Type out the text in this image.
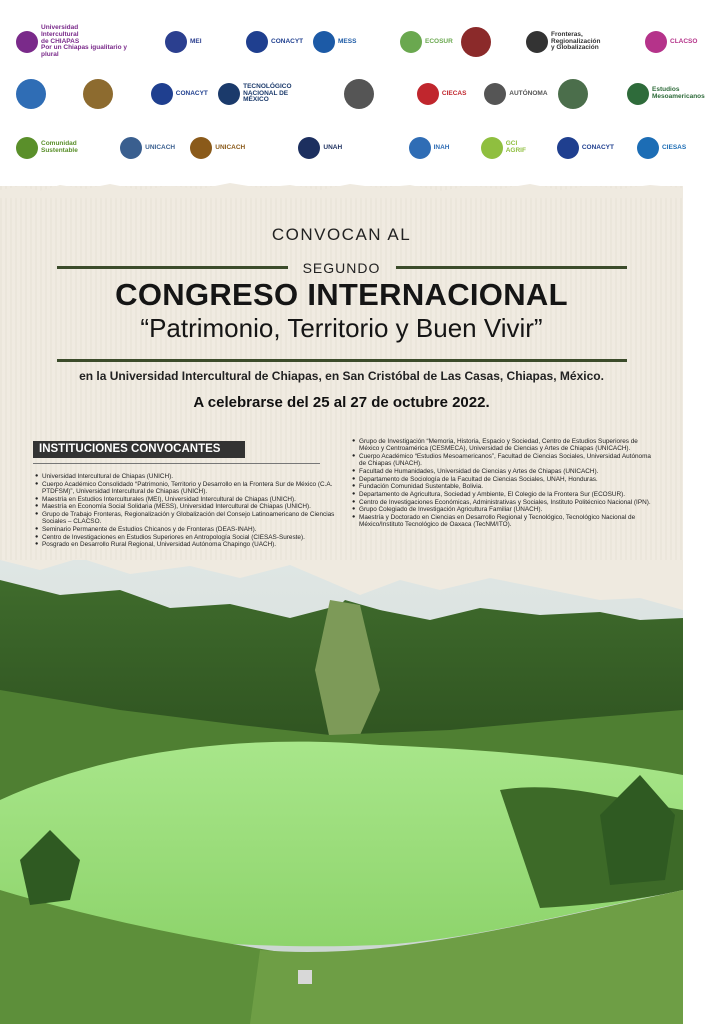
Universidad
Intercultural
de CHIAPAS
Por un Chiapas igualitario y plural
MEI	CONACYT	MESS	ECOSUR
Fronteras, Regionalización
y Globalización
CLACSO
CONACYT
TECNOLÓGICO
NACIONAL DE MÉXICO
CIECAS	AUTÓNOMA	Estudios
Mesoamericanos
Comunidad
Sustentable	UNICACH	UNICACH	UNAH	INAH	GCI
AGRIF	CONACYT	CIESAS
CONVOCAN AL
SEGUNDO
CONGRESO INTERNACIONAL
“Patrimonio, Territorio y Buen Vivir”
en la Universidad Intercultural de Chiapas, en San Cristóbal de Las Casas, Chiapas, México.
A celebrarse del 25 al 27 de octubre 2022.
INSTITUCIONES CONVOCANTES
● Universidad Intercultural de Chiapas (UNICH).
● Cuerpo Académico Consolidado “Patrimonio, Territorio y Desarrollo en la Frontera Sur de México (C.A. PTDFSM)”, Universidad Intercultural de Chiapas (UNICH).
● Maestría en Estudios Interculturales (MEI), Universidad Intercultural de Chiapas (UNICH).
● Maestría en Economía Social Solidaria (MESS), Universidad Intercultural de Chiapas (UNICH).
● Grupo de Trabajo Fronteras, Regionalización y Globalización del Consejo Latinoamericano de Ciencias Sociales – CLACSO.
● Seminario Permanente de Estudios Chicanos y de Fronteras (DEAS-INAH).
● Centro de Investigaciones en Estudios Superiores en Antropología Social (CIESAS-Sureste).
● Posgrado en Desarrollo Rural Regional, Universidad Autónoma Chapingo (UACH).
● Grupo de Investigación “Memoria, Historia, Espacio y Sociedad, Centro de Estudios Superiores de México y Centroamérica (CESMECA), Universidad de Ciencias y Artes de Chiapas (UNICACH).
● Cuerpo Académico “Estudios Mesoamericanos”, Facultad de Ciencias Sociales, Universidad Autónoma de Chiapas (UNACH).
● Facultad de Humanidades, Universidad de Ciencias y Artes de Chiapas (UNICACH).
● Departamento de Sociología de la Facultad de Ciencias Sociales, UNAH, Honduras.
● Fundación Comunidad Sustentable, Bolivia.
● Departamento de Agricultura, Sociedad y Ambiente, El Colegio de la Frontera Sur (ECOSUR).
● Centro de Investigaciones Económicas, Administrativas y Sociales, Instituto Politécnico Nacional (IPN).
● Grupo Colegiado de Investigación Agricultura Familiar (UNACH).
● Maestría y Doctorado en Ciencias en Desarrollo Regional y Tecnológico, Tecnológico Nacional de México/Instituto Tecnológico de Oaxaca (TecNM/ITO).
